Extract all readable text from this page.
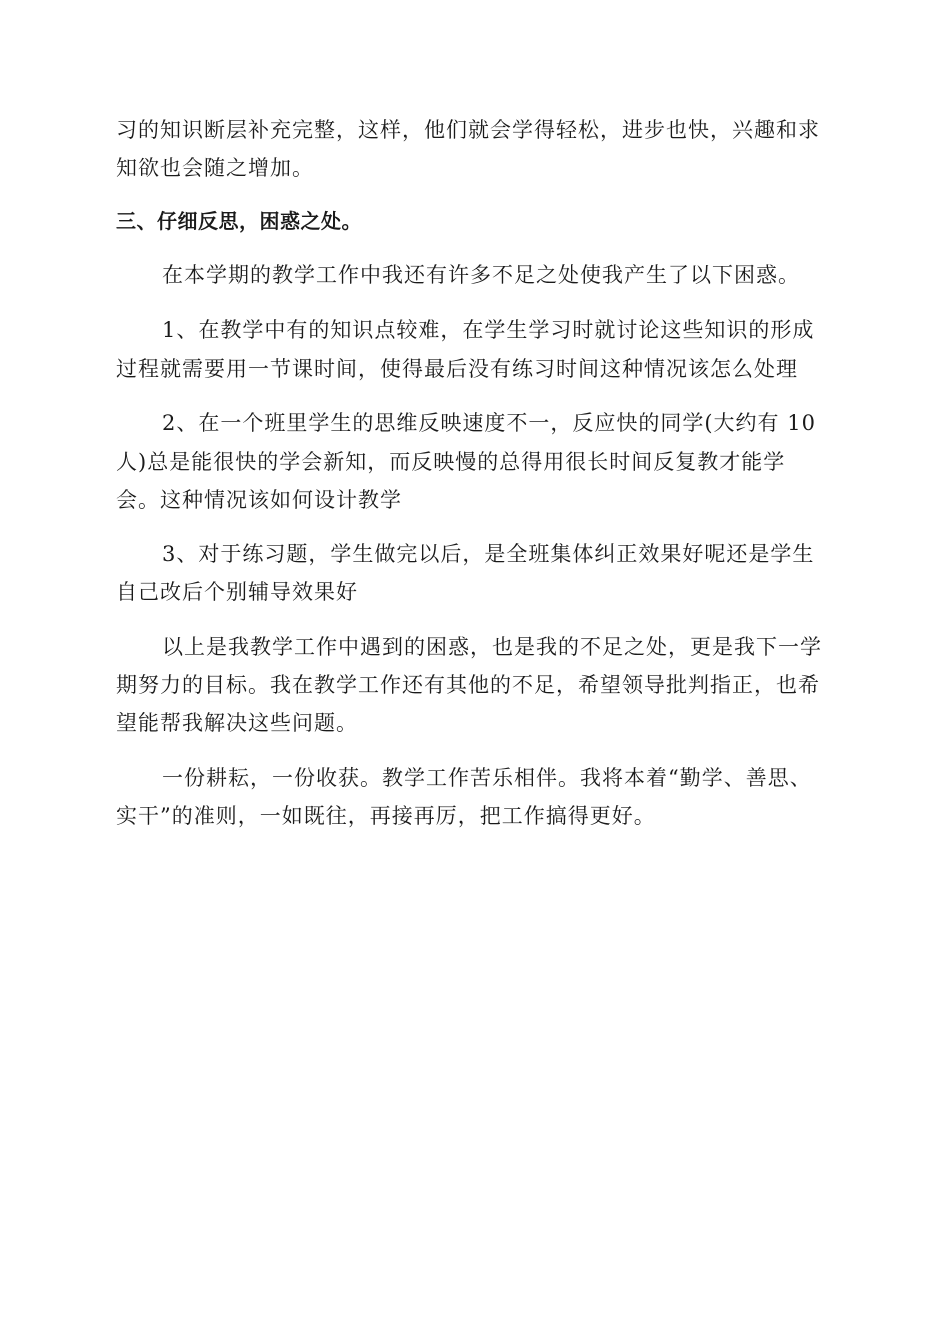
习的知识断层补充完整，这样，他们就会学得轻松，进步也快，兴趣和求
知欲也会随之增加。
三、仔细反思，困惑之处。
在本学期的教学工作中我还有许多不足之处使我产生了以下困惑。
1、在教学中有的知识点较难，在学生学习时就讨论这些知识的形成
过程就需要用一节课时间，使得最后没有练习时间这种情况该怎么处理
2、在一个班里学生的思维反映速度不一，反应快的同学(大约有 10
人)总是能很快的学会新知，而反映慢的总得用很长时间反复教才能学
会。这种情况该如何设计教学
3、对于练习题，学生做完以后，是全班集体纠正效果好呢还是学生
自己改后个别辅导效果好
以上是我教学工作中遇到的困惑，也是我的不足之处，更是我下一学
期努力的目标。我在教学工作还有其他的不足，希望领导批判指正，也希
望能帮我解决这些问题。
一份耕耘，一份收获。教学工作苦乐相伴。我将本着“勤学、善思、
实干”的准则，一如既往，再接再厉，把工作搞得更好。
